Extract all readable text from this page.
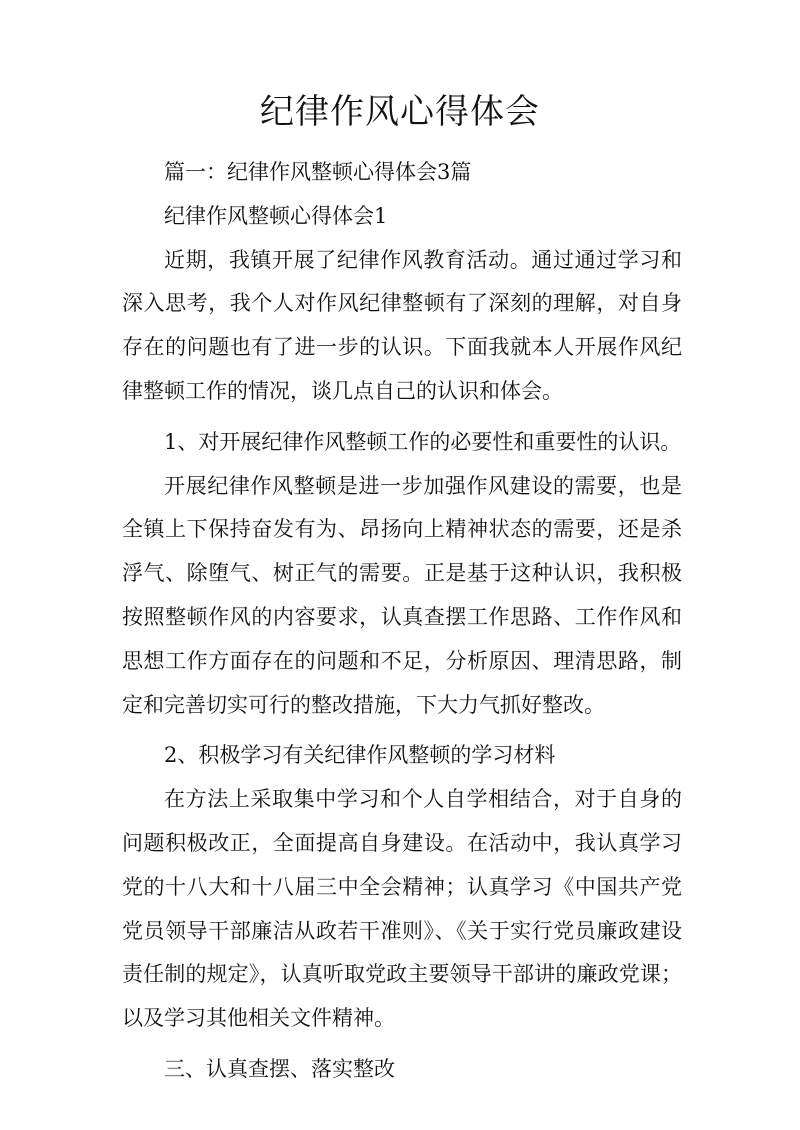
纪律作风心得体会

篇一：纪律作风整顿心得体会3篇

纪律作风整顿心得体会1

近期，我镇开展了纪律作风教育活动。通过通过学习和深入思考，我个人对作风纪律整顿有了深刻的理解，对自身存在的问题也有了进一步的认识。下面我就本人开展作风纪律整顿工作的情况，谈几点自己的认识和体会。

1、对开展纪律作风整顿工作的必要性和重要性的认识。

开展纪律作风整顿是进一步加强作风建设的需要，也是全镇上下保持奋发有为、昂扬向上精神状态的需要，还是杀浮气、除堕气、树正气的需要。正是基于这种认识，我积极按照整顿作风的内容要求，认真查摆工作思路、工作作风和思想工作方面存在的问题和不足，分析原因、理清思路，制定和完善切实可行的整改措施，下大力气抓好整改。

2、积极学习有关纪律作风整顿的学习材料

在方法上采取集中学习和个人自学相结合，对于自身的问题积极改正，全面提高自身建设。在活动中，我认真学习党的十八大和十八届三中全会精神；认真学习《中国共产党党员领导干部廉洁从政若干准则》、《关于实行党员廉政建设责任制的规定》，认真听取党政主要领导干部讲的廉政党课；以及学习其他相关文件精神。

三、认真查摆、落实整改
